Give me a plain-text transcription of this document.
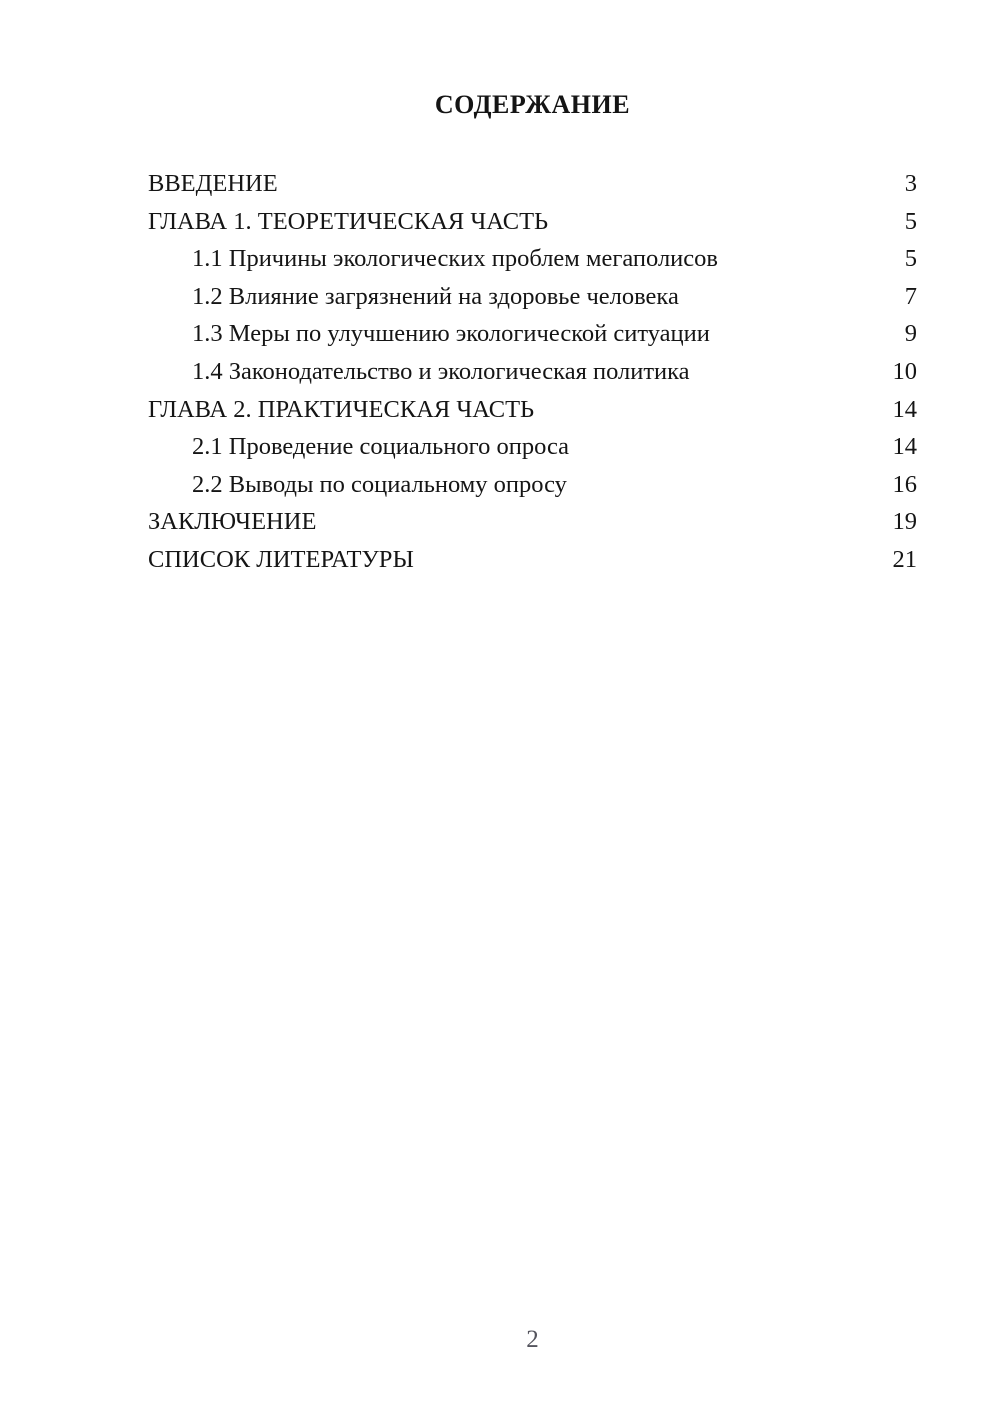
СОДЕРЖАНИЕ
ВВЕДЕНИЕ	3
ГЛАВА 1. ТЕОРЕТИЧЕСКАЯ ЧАСТЬ	5
1.1 Причины экологических проблем мегаполисов	5
1.2 Влияние загрязнений на здоровье человека	7
1.3 Меры по улучшению экологической ситуации	9
1.4 Законодательство и экологическая политика	10
ГЛАВА 2. ПРАКТИЧЕСКАЯ ЧАСТЬ	14
2.1 Проведение социального опроса	14
2.2 Выводы по социальному опросу	16
ЗАКЛЮЧЕНИЕ	19
СПИСОК ЛИТЕРАТУРЫ	21
2
